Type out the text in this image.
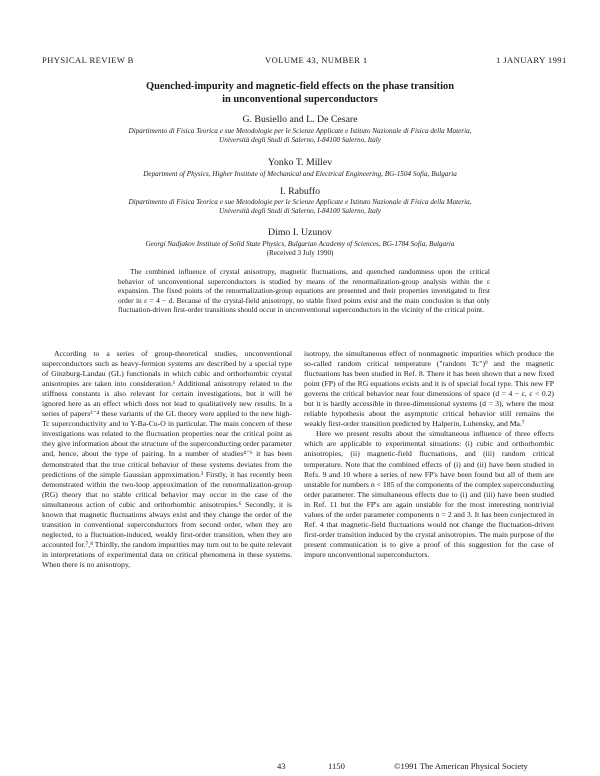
PHYSICAL REVIEW B	VOLUME 43, NUMBER 1	1 JANUARY 1991
Quenched-impurity and magnetic-field effects on the phase transition
in unconventional superconductors
G. Busiello and L. De Cesare
Dipartimento di Fisica Teorica e sue Metodologie per le Scienze Applicate e Istituto Nazionale di Fisica della Materia,
Università degli Studi di Salerno, I-84100 Salerno, Italy
Yonko T. Millev
Department of Physics, Higher Institute of Mechanical and Electrical Engineering, BG-1504 Sofia, Bulgaria
I. Rabuffo
Dipartimento di Fisica Teorica e sue Metodologie per le Scienze Applicate e Istituto Nazionale di Fisica della Materia,
Università degli Studi di Salerno, I-84100 Salerno, Italy
Dimo I. Uzunov
Georgi Nadjakov Institute of Solid State Physics, Bulgarian Academy of Sciences, BG-1784 Sofia, Bulgaria
(Received 3 July 1990)
The combined influence of crystal anisotropy, magnetic fluctuations, and quenched randomness upon the critical behavior of unconventional superconductors is studied by means of the renormalization-group analysis within the ε expansion. The fixed points of the renormalization-group equations are presented and their properties investigated to first order in ε = 4 − d. Because of the crystal-field anisotropy, no stable fixed points exist and the main conclusion is that only fluctuation-driven first-order transitions should occur in unconventional superconductors in the vicinity of the critical point.

According to a series of group-theoretical studies, unconventional superconductors such as heavy-fermion systems are described by a special type of Ginzburg-Landau (GL) functionals in which cubic and orthorhombic crystal anisotropies are taken into consideration.¹ Additional anisotropy related to the stiffness constants is also relevant for certain investigations, but it will be ignored here as an effect which does not lead to qualitatively new results. In a series of papers²⁻⁴ these variants of the GL theory were applied to the new high-Tc superconductivity and to Y-Ba-Cu-O in particular. The main concern of these investigations was related to the fluctuation properties near the critical point as they give information about the structure of the superconducting order parameter and, hence, about the type of pairing. In a number of studies⁴⁻⁶ it has been demonstrated that the true critical behavior of these systems deviates from the predictions of the simple Gaussian approximation.³ Firstly, it has recently been demonstrated within the two-loop approximation of the renormalization-group (RG) theory that no stable critical behavior may occur in the case of the simultaneous action of cubic and orthorhombic anisotropies.⁶ Secondly, it is known that magnetic fluctuations always exist and they change the order of the transition in conventional superconductors from second order, when they are neglected, to a fluctuation-induced, weakly first-order transition, when they are accounted for.⁷,⁸ Thirdly, the random impurities may turn out to be quite relevant in interpretations of experimental data on critical phenomena in these systems. When there is no anisotropy,

isotropy, the simultaneous effect of nonmagnetic impurities which produce the so-called random critical temperature ("random Tc")⁹ and the magnetic fluctuations has been studied in Ref. 8. There it has been shown that a new fixed point (FP) of the RG equations exists and it is of special focal type. This new FP governs the critical behavior near four dimensions of space (d = 4 − ε, ε < 0.2) but it is hardly accessible in three-dimensional systems (d = 3), where the most reliable hypothesis about the asymptotic critical behavior still remains the weakly first-order transition predicted by Halperin, Lubensky, and Ma.⁷

Here we present results about the simultaneous influence of three effects which are applicable to experimental situations: (i) cubic and orthorhombic anisotropies, (ii) magnetic-field fluctuations, and (iii) random critical temperature. Note that the combined effects of (i) and (ii) have been studied in Refs. 9 and 10 where a series of new FP's have been found but all of them are unstable for numbers n < 185 of the components of the complex superconducting order parameter. The simultaneous effects due to (i) and (iii) have been studied in Ref. 11 but the FP's are again unstable for the most interesting nontrivial values of the order parameter components n = 2 and 3. It has been conjectured in Ref. 4 that magnetic-field fluctuations would not change the fluctuation-driven first-order transition induced by the crystal anisotropies. The main purpose of the present communication is to give a proof of this suggestion for the case of impure unconventional superconductors.

43	1150	©1991 The American Physical Society
